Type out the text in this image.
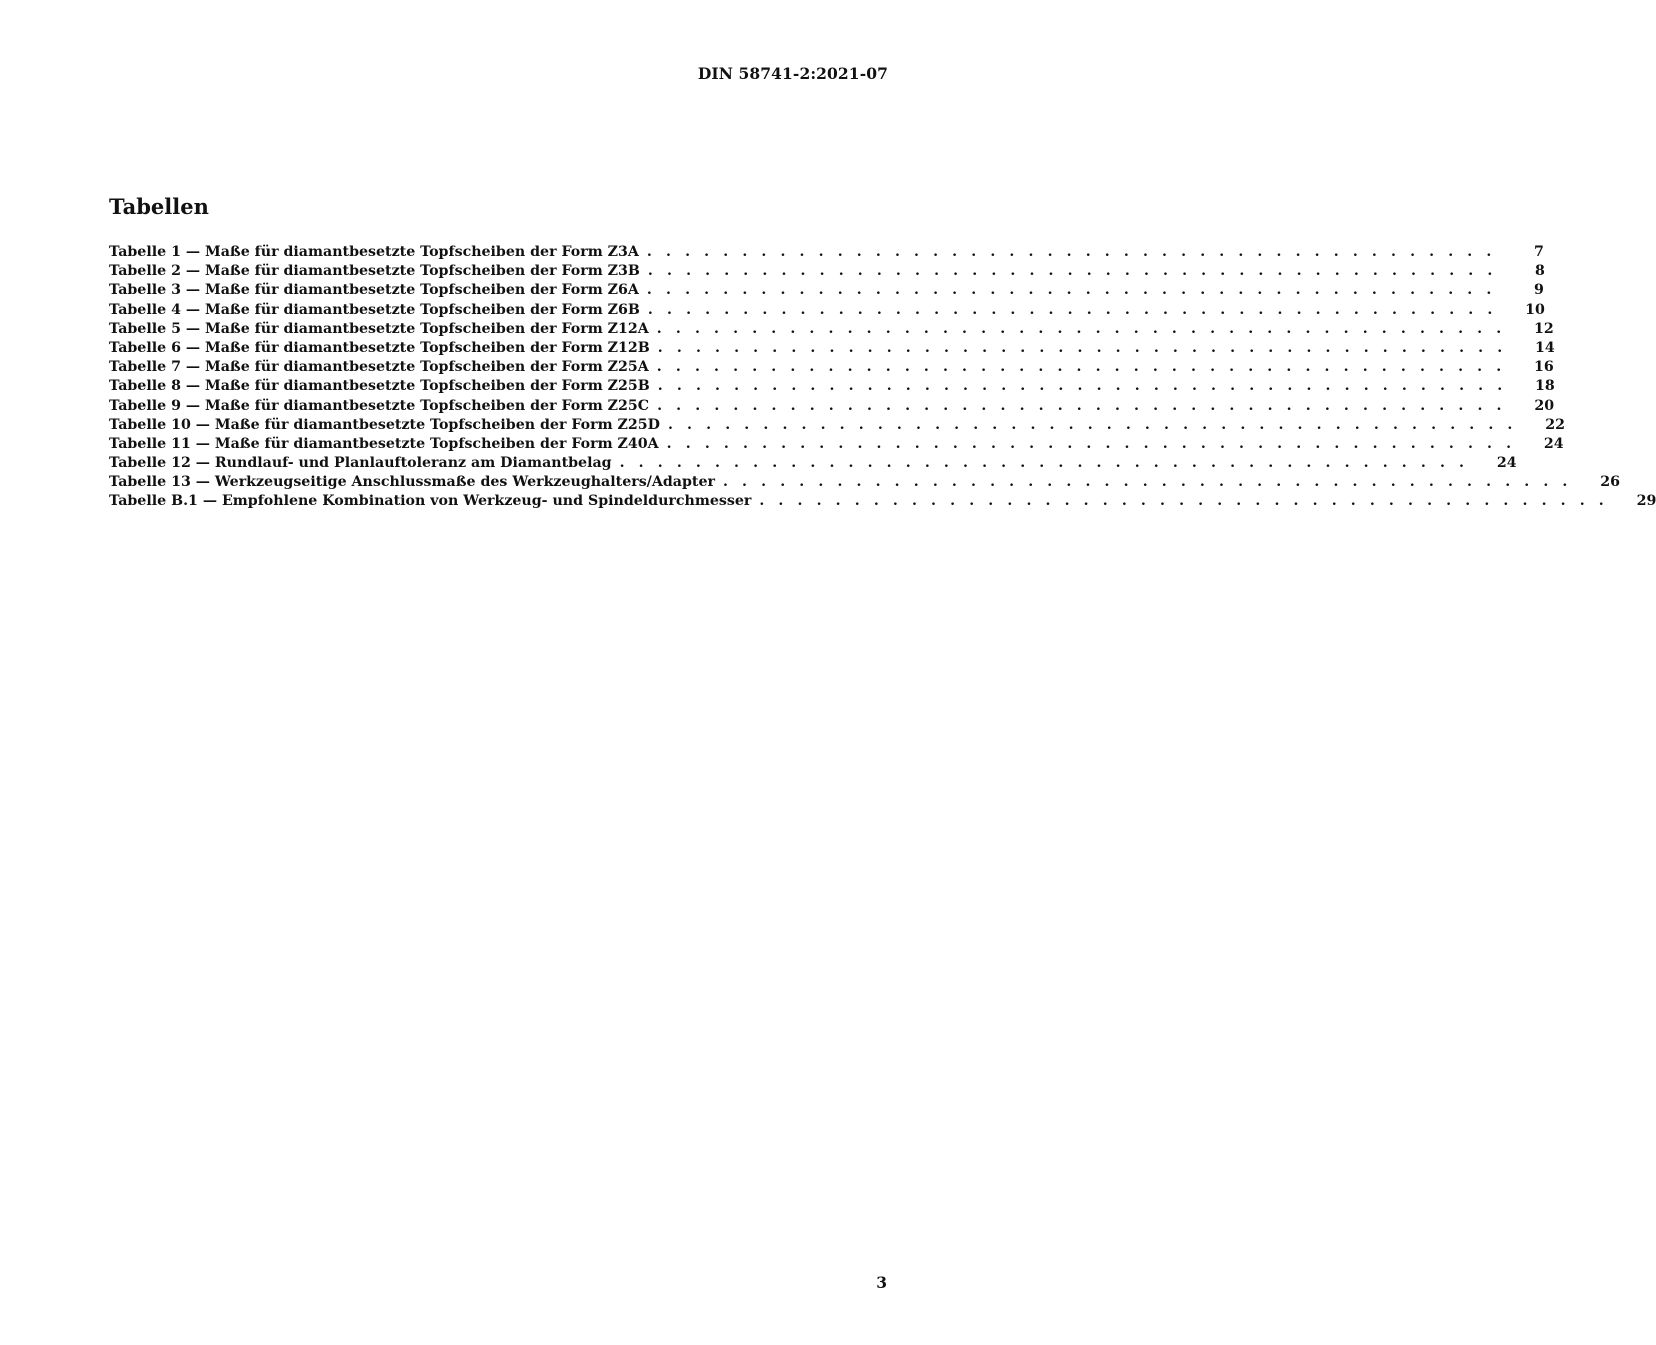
DIN 58741-2:2021-07
Tabellen
Tabelle 1 — Maße für diamantbesetzte Topfscheiben der Form Z3A . . . . . . . . . . . . . . . . . . . . . . . . . . . . . . . . . . . . . . . . . . . . .	7
Tabelle 2 — Maße für diamantbesetzte Topfscheiben der Form Z3B . . . . . . . . . . . . . . . . . . . . . . . . . . . . . . . . . . . . . . . . . . . . .	8
Tabelle 3 — Maße für diamantbesetzte Topfscheiben der Form Z6A . . . . . . . . . . . . . . . . . . . . . . . . . . . . . . . . . . . . . . . . . . . . .	9
Tabelle 4 — Maße für diamantbesetzte Topfscheiben der Form Z6B . . . . . . . . . . . . . . . . . . . . . . . . . . . . . . . . . . . . . . . . . . . . . 10
Tabelle 5 — Maße für diamantbesetzte Topfscheiben der Form Z12A . . . . . . . . . . . . . . . . . . . . . . . . . . . . . . . . . . . . . . . . . . . . . 12
Tabelle 6 — Maße für diamantbesetzte Topfscheiben der Form Z12B . . . . . . . . . . . . . . . . . . . . . . . . . . . . . . . . . . . . . . . . . . . . . 14
Tabelle 7 — Maße für diamantbesetzte Topfscheiben der Form Z25A . . . . . . . . . . . . . . . . . . . . . . . . . . . . . . . . . . . . . . . . . . . . . 16
Tabelle 8 — Maße für diamantbesetzte Topfscheiben der Form Z25B . . . . . . . . . . . . . . . . . . . . . . . . . . . . . . . . . . . . . . . . . . . . . 18
Tabelle 9 — Maße für diamantbesetzte Topfscheiben der Form Z25C . . . . . . . . . . . . . . . . . . . . . . . . . . . . . . . . . . . . . . . . . . . . . 20
Tabelle 10 — Maße für diamantbesetzte Topfscheiben der Form Z25D . . . . . . . . . . . . . . . . . . . . . . . . . . . . . . . . . . . . . . . . . . . . . 22
Tabelle 11 — Maße für diamantbesetzte Topfscheiben der Form Z40A . . . . . . . . . . . . . . . . . . . . . . . . . . . . . . . . . . . . . . . . . . . . . 24
Tabelle 12 — Rundlauf- und Planlauftoleranz am Diamantbelag . . . . . . . . . . . . . . . . . . . . . . . . . . . . . . . . . . . . . . . . . . . . . 24
Tabelle 13 — Werkzeugseitige Anschlussmaße des Werkzeughalters/Adapter . . . . . . . . . . . . . . . . . . . . . . . . . . . . . . . . . . . . . . . . . . . . . 26
Tabelle B.1 — Empfohlene Kombination von Werkzeug- und Spindeldurchmesser . . . . . . . . . . . . . . . . . . . . . . . . . . . . . . . . . . . . . . . . . . . . . 29
3
